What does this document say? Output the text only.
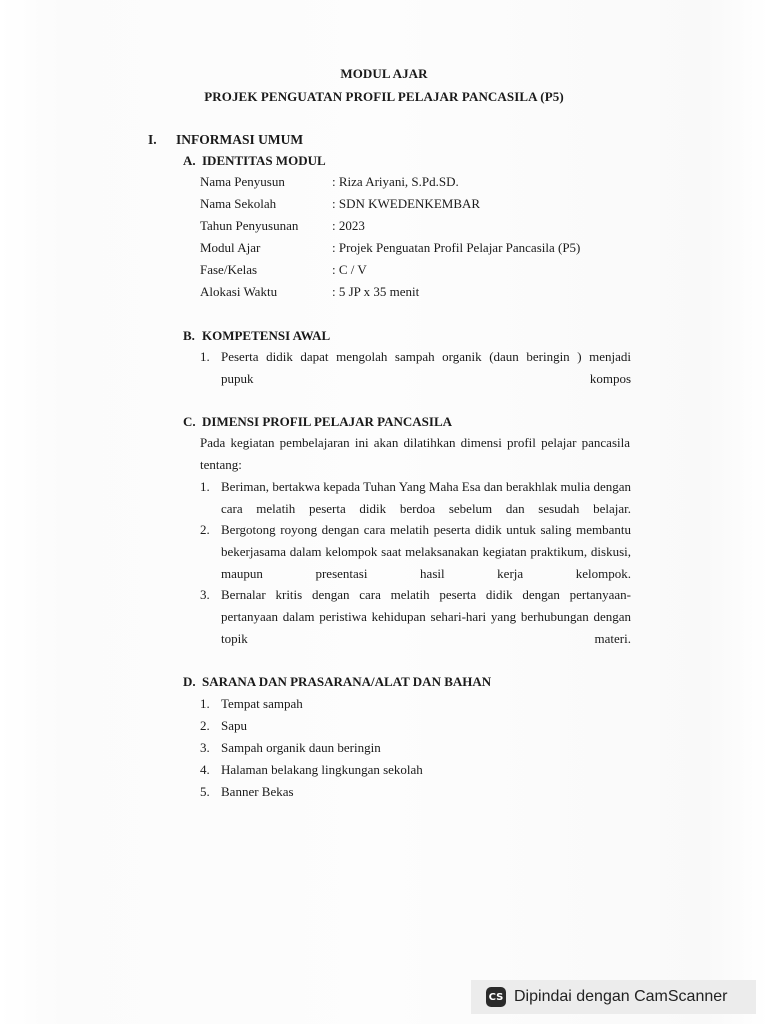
MODUL AJAR
PROJEK PENGUATAN PROFIL PELAJAR PANCASILA (P5)
I. INFORMASI UMUM
A. IDENTITAS MODUL
Nama Penyusun	: Riza Ariyani, S.Pd.SD.
Nama Sekolah	: SDN KWEDENKEMBAR
Tahun Penyusunan	: 2023
Modul Ajar	: Projek Penguatan Profil Pelajar Pancasila (P5)
Fase/Kelas	: C / V
Alokasi Waktu	: 5 JP x 35 menit
B. KOMPETENSI AWAL
1. Peserta didik dapat mengolah sampah organik (daun beringin ) menjadi
pupuk kompos
C. DIMENSI PROFIL PELAJAR PANCASILA
Pada kegiatan pembelajaran ini akan dilatihkan dimensi profil pelajar pancasila
tentang:
1. Beriman, bertakwa kepada Tuhan Yang Maha Esa dan berakhlak mulia dengan
cara melatih peserta didik berdoa sebelum dan sesudah belajar.
2. Bergotong royong dengan cara melatih peserta didik untuk saling membantu
bekerjasama dalam kelompok saat melaksanakan kegiatan praktikum, diskusi,
maupun presentasi hasil kerja kelompok.
3. Bernalar kritis dengan cara melatih peserta didik dengan pertanyaan-
pertanyaan dalam peristiwa kehidupan sehari-hari yang berhubungan dengan
topik materi.
D. SARANA DAN PRASARANA/ALAT DAN BAHAN
1. Tempat sampah
2. Sapu
3. Sampah organik daun beringin
4. Halaman belakang lingkungan sekolah
5. Banner Bekas
CS Dipindai dengan CamScanner
